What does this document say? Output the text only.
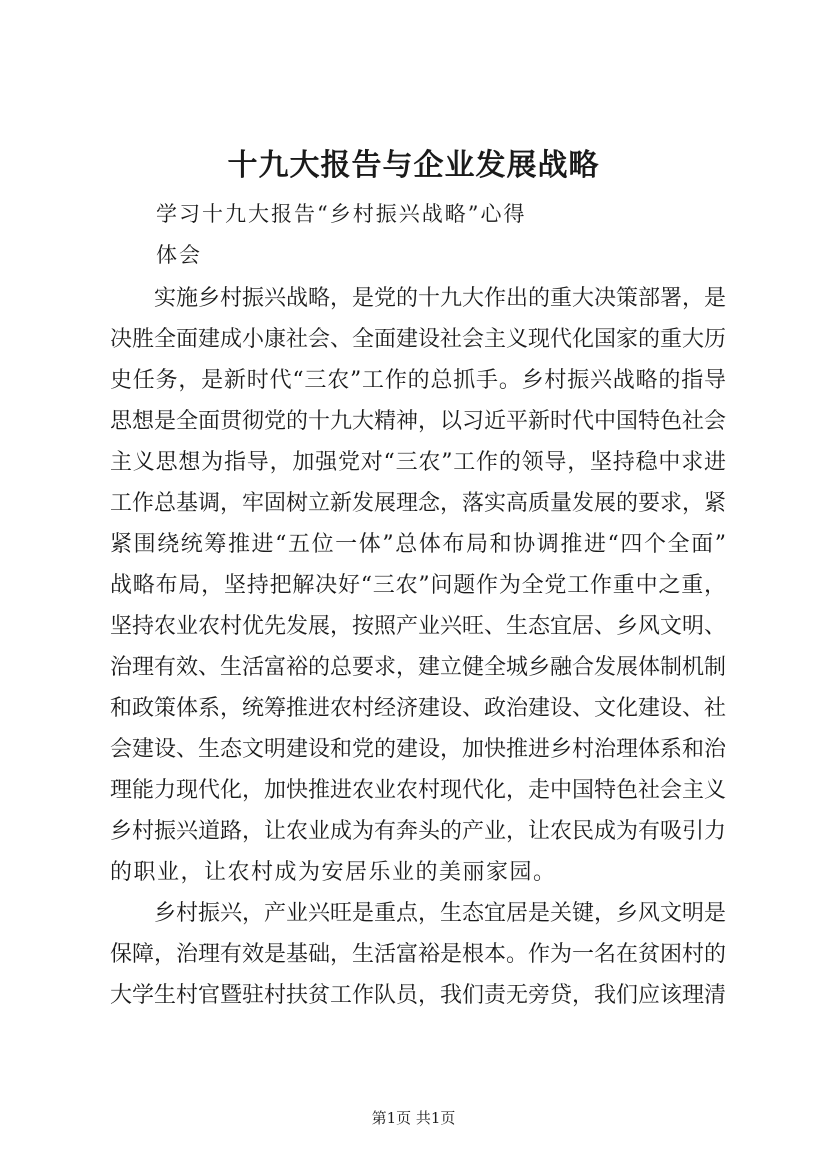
十九大报告与企业发展战略
学习十九大报告“乡村振兴战略”心得
体会
实施乡村振兴战略，是党的十九大作出的重大决策部署，是
决胜全面建成小康社会、全面建设社会主义现代化国家的重大历
史任务，是新时代“三农”工作的总抓手。乡村振兴战略的指导
思想是全面贯彻党的十九大精神，以习近平新时代中国特色社会
主义思想为指导，加强党对“三农”工作的领导，坚持稳中求进
工作总基调，牢固树立新发展理念，落实高质量发展的要求，紧
紧围绕统筹推进“五位一体”总体布局和协调推进“四个全面”
战略布局，坚持把解决好“三农”问题作为全党工作重中之重，
坚持农业农村优先发展，按照产业兴旺、生态宜居、乡风文明、
治理有效、生活富裕的总要求，建立健全城乡融合发展体制机制
和政策体系，统筹推进农村经济建设、政治建设、文化建设、社
会建设、生态文明建设和党的建设，加快推进乡村治理体系和治
理能力现代化，加快推进农业农村现代化，走中国特色社会主义
乡村振兴道路，让农业成为有奔头的产业，让农民成为有吸引力
的职业，让农村成为安居乐业的美丽家园。
乡村振兴，产业兴旺是重点，生态宜居是关键，乡风文明是
保障，治理有效是基础，生活富裕是根本。作为一名在贫困村的
大学生村官暨驻村扶贫工作队员，我们责无旁贷，我们应该理清
第1页 共1页
